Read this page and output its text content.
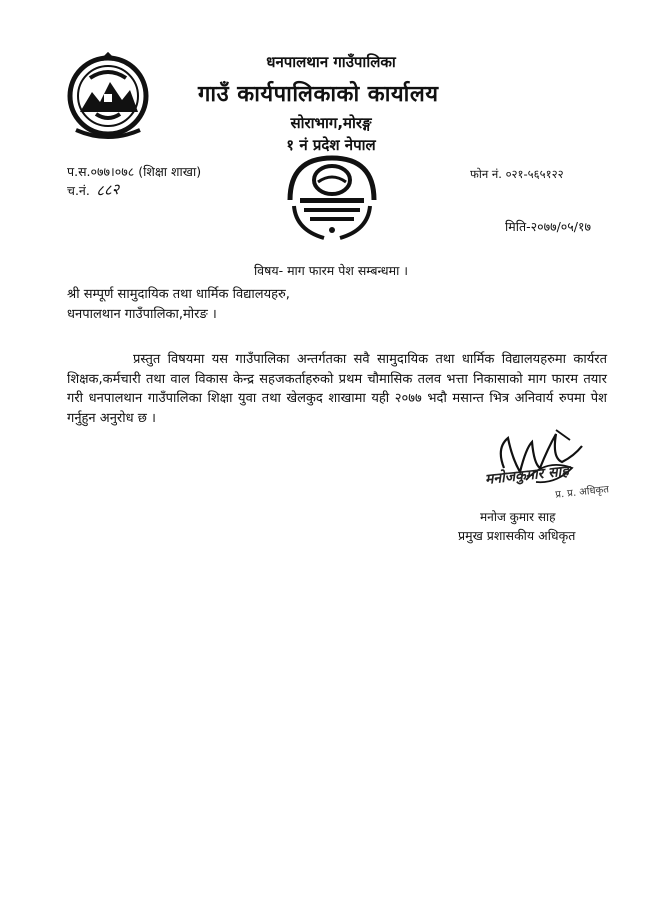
धनपालथान गाउँपालिका
गाउँ कार्यपालिकाको कार्यालय
सोराभाग,मोरङ्ग
१ नं प्रदेश नेपाल
प.स.०७७।०७८ (शिक्षा शाखा)
च.नं. ८८२
फोन नं. ०२१-५६५१२२
मिति-२०७७/०५/१७
विषय- माग फारम पेश सम्बन्धमा ।
श्री सम्पूर्ण सामुदायिक तथा धार्मिक विद्यालयहरु,
धनपालथान गाउँपालिका,मोरङ ।
प्रस्तुत विषयमा यस गाउँपालिका अन्तर्गतका सवै सामुदायिक तथा धार्मिक विद्यालयहरुमा कार्यरत शिक्षक,कर्मचारी तथा वाल विकास केन्द्र सहजकर्ताहरुको प्रथम चौमासिक तलव भत्ता निकासाको माग फारम तयार गरी धनपालथान गाउँपालिका शिक्षा युवा तथा खेलकुद शाखामा यही २०७७ भदौ मसान्त भित्र अनिवार्य रुपमा पेश गर्नुहुन अनुरोध छ ।
मनोजकुमार साह
प्र. प्र. अधिकृत
मनोज कुमार साह
प्रमुख प्रशासकीय अधिकृत
